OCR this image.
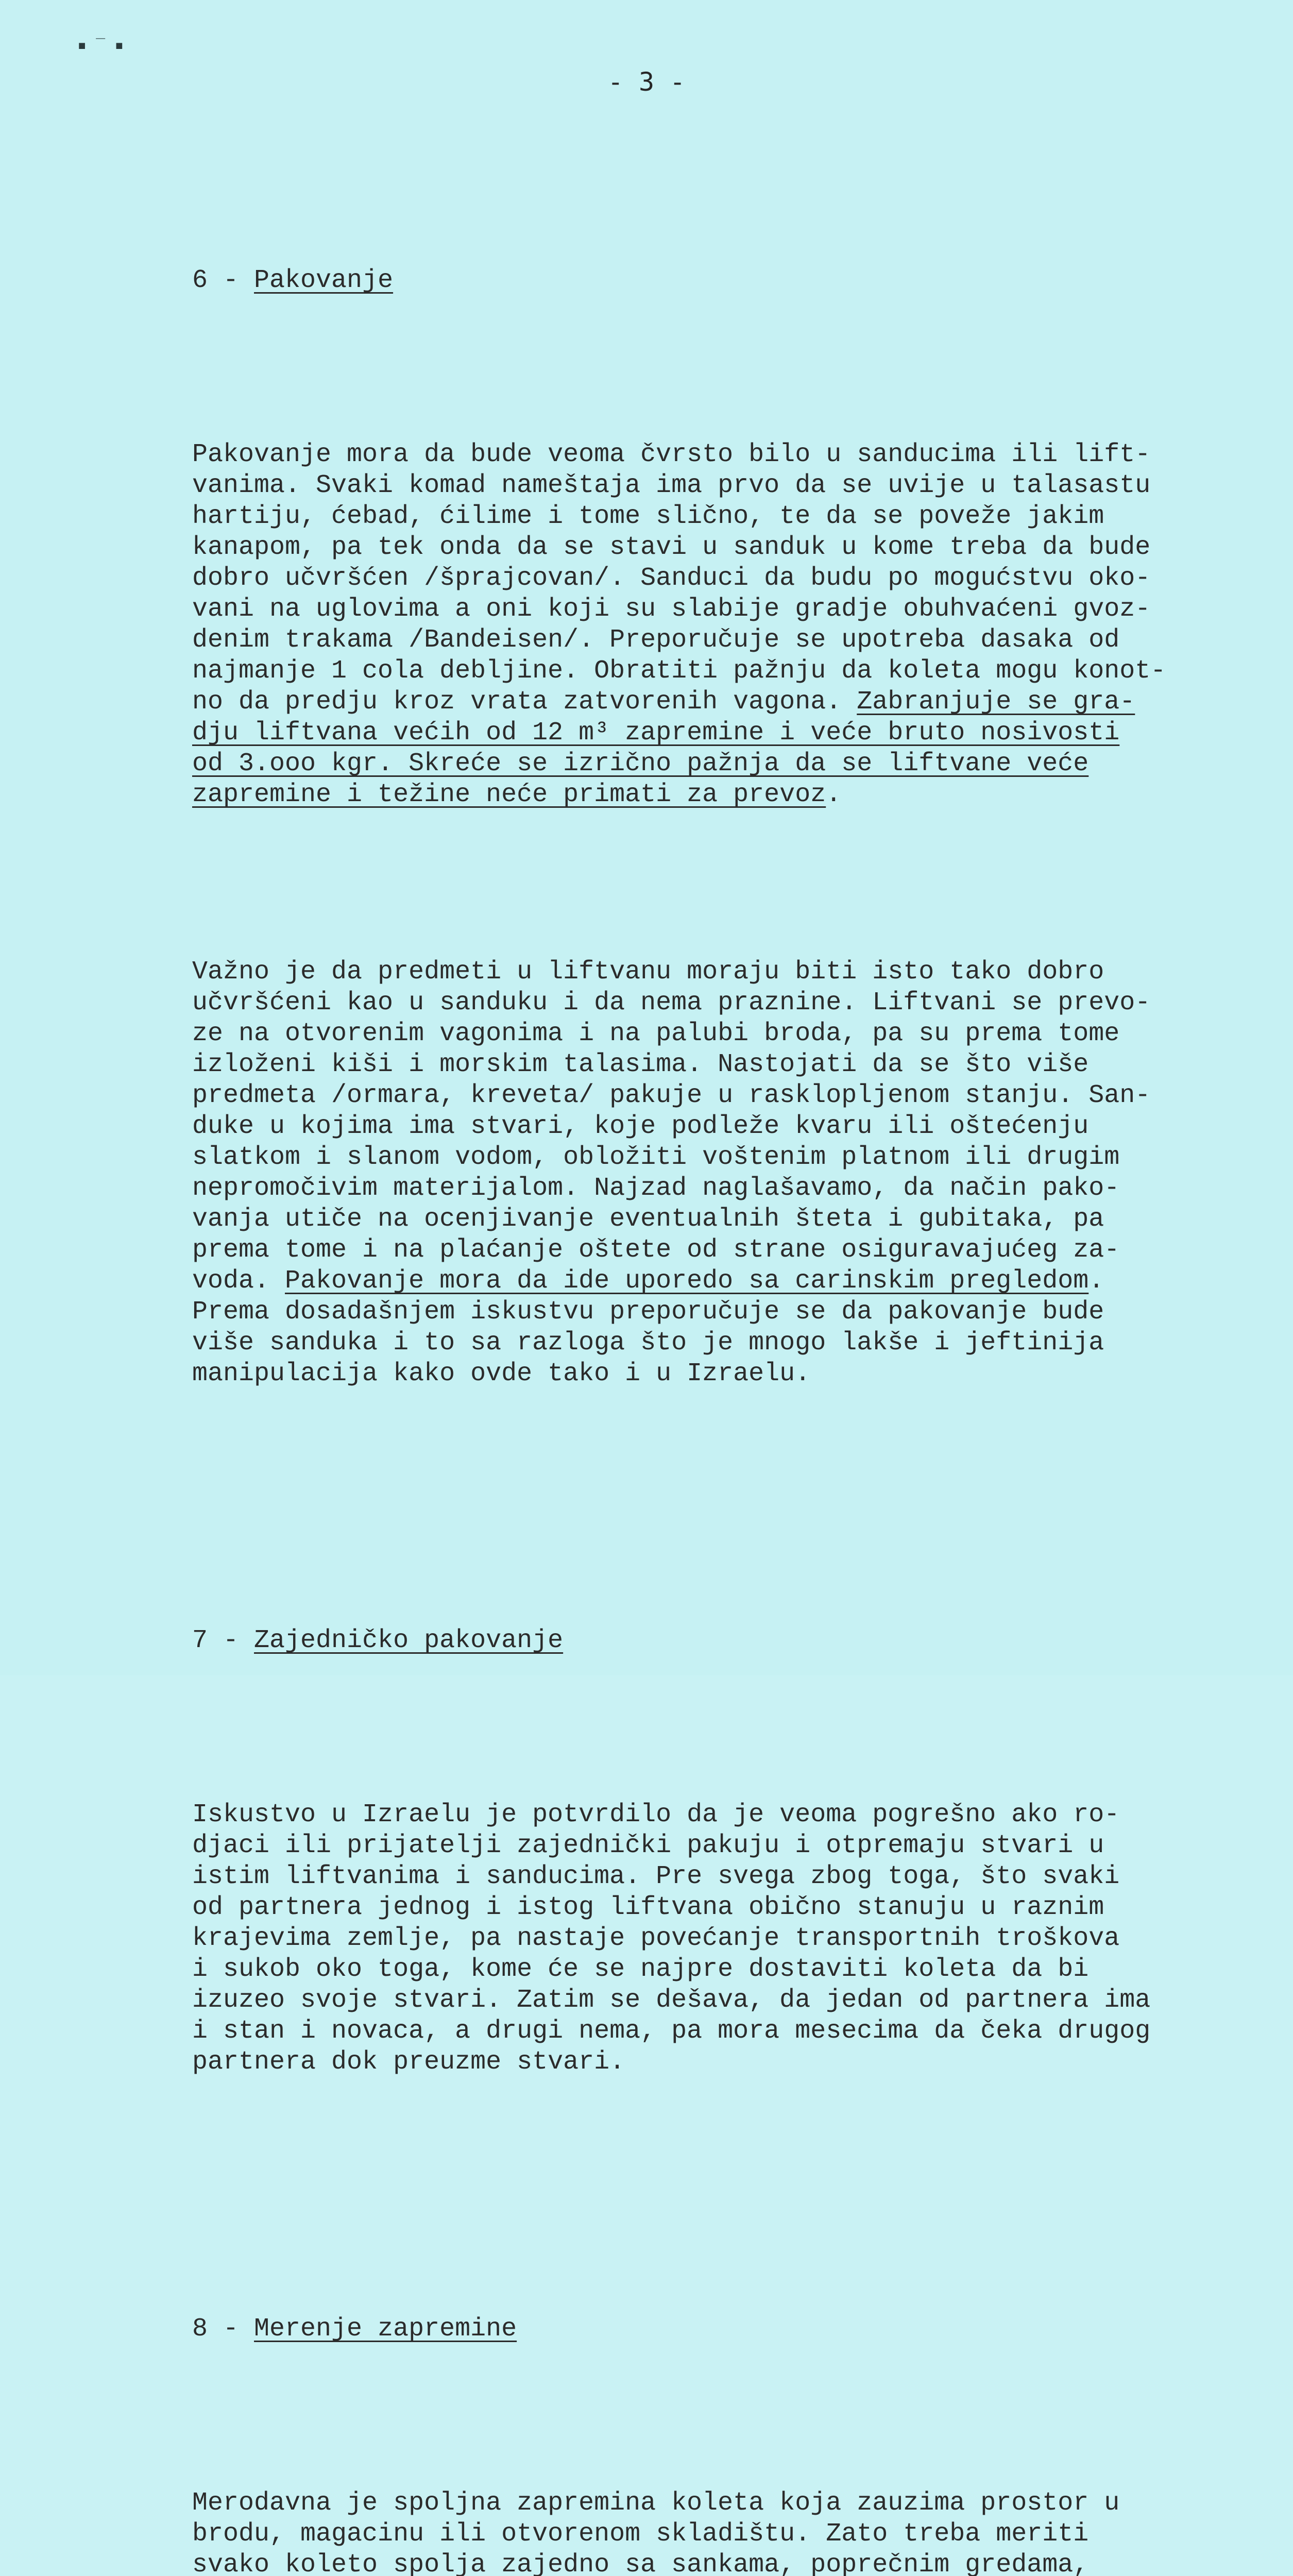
▪ ‾ ▪
- 3 -

6 - Pakovanje

Pakovanje mora da bude veoma čvrsto bilo u sanducima ili lift-
vanima. Svaki komad nameštaja ima prvo da se uvije u talasastu
hartiju, ćebad, ćilime i tome slično, te da se poveže jakim
kanapom, pa tek onda da se stavi u sanduk u kome treba da bude
dobro učvršćen /šprajcovan/. Sanduci da budu po mogućstvu oko-
vani na uglovima a oni koji su slabije gradje obuhvaćeni gvoz-
denim trakama /Bandeisen/. Preporučuje se upotreba dasaka od
najmanje 1 cola debljine. Obratiti pažnju da koleta mogu konot-
no da predju kroz vrata zatvorenih vagona. Zabranjuje se gra-
dju liftvana većih od 12 m³ zapremine i veće bruto nosivosti
od 3.ooo kgr. Skreće se izrično pažnja da se liftvane veće
zapremine i težine neće primati za prevoz.

Važno je da predmeti u liftvanu moraju biti isto tako dobro
učvršćeni kao u sanduku i da nema praznine. Liftvani se prevo-
ze na otvorenim vagonima i na palubi broda, pa su prema tome
izloženi kiši i morskim talasima. Nastojati da se što više
predmeta /ormara, kreveta/ pakuje u rasklopljenom stanju. San-
duke u kojima ima stvari, koje podleže kvaru ili oštećenju
slatkom i slanom vodom, obložiti voštenim platnom ili drugim
nepromočivim materijalom. Najzad naglašavamo, da način pako-
vanja utiče na ocenjivanje eventualnih šteta i gubitaka, pa
prema tome i na plaćanje oštete od strane osiguravajućeg za-
voda. Pakovanje mora da ide uporedo sa carinskim pregledom.
Prema dosadašnjem iskustvu preporučuje se da pakovanje bude
više sanduka i to sa razloga što je mnogo lakše i jeftinija
manipulacija kako ovde tako i u Izraelu.

7 - Zajedničko pakovanje

Iskustvo u Izraelu je potvrdilo da je veoma pogrešno ako ro-
djaci ili prijatelji zajednički pakuju i otpremaju stvari u
istim liftvanima i sanducima. Pre svega zbog toga, što svaki
od partnera jednog i istog liftvana obično stanuju u raznim
krajevima zemlje, pa nastaje povećanje transportnih troškova
i sukob oko toga, kome će se najpre dostaviti koleta da bi
izuzeo svoje stvari. Zatim se dešava, da jedan od partnera ima
i stan i novaca, a drugi nema, pa mora mesecima da čeka drugog
partnera dok preuzme stvari.

8 - Merenje zapremine

Merodavna je spoljna zapremina koleta koja zauzima prostor u
brodu, magacinu ili otvorenom skladištu. Zato treba meriti
svako koleto spolja zajedno sa sankama, poprečnim gredama,
